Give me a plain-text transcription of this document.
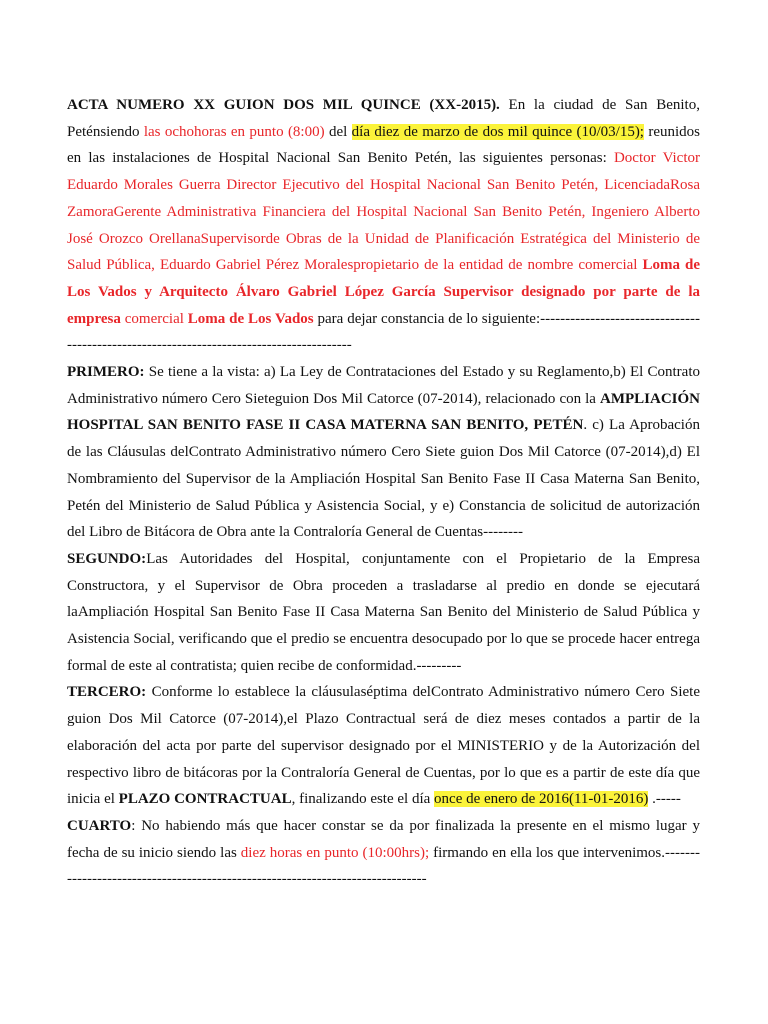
ACTA NUMERO XX GUION DOS MIL QUINCE (XX-2015). En la ciudad de San Benito, Peténsiendo las ochohoras en punto (8:00) del día diez de marzo de dos mil quince (10/03/15); reunidos en las instalaciones de Hospital Nacional San Benito Petén, las siguientes personas: Doctor Victor Eduardo Morales Guerra Director Ejecutivo del Hospital Nacional San Benito Petén, LicenciadaRosa ZamoraGerente Administrativa Financiera del Hospital Nacional San Benito Petén, Ingeniero Alberto José Orozco OrellanaSupervisorde Obras de la Unidad de Planificación Estratégica del Ministerio de Salud Pública, Eduardo Gabriel Pérez Moralespropietario de la entidad de nombre comercial Loma de Los Vados y Arquitecto Álvaro Gabriel López García Supervisor designado por parte de la empresa comercial Loma de Los Vados para dejar constancia de lo siguiente:-----------------------------------------------------------------------------------------

PRIMERO: Se tiene a la vista: a) La Ley de Contrataciones del Estado y su Reglamento,b) El Contrato Administrativo número Cero Sieteguion Dos Mil Catorce (07-2014), relacionado con la AMPLIACIÓN HOSPITAL SAN BENITO FASE II CASA MATERNA SAN BENITO, PETÉN. c) La Aprobación de las Cláusulas delContrato Administrativo número Cero Siete guion Dos Mil Catorce (07-2014),d) El Nombramiento del Supervisor de la Ampliación Hospital San Benito Fase II Casa Materna San Benito, Petén del Ministerio de Salud Pública y Asistencia Social, y e) Constancia de solicitud de autorización del Libro de Bitácora de Obra ante la Contraloría General de Cuentas--------

SEGUNDO:Las Autoridades del Hospital, conjuntamente con el Propietario de la Empresa Constructora, y el Supervisor de Obra proceden a trasladarse al predio en donde se ejecutará laAmpliación Hospital San Benito Fase II Casa Materna San Benito del Ministerio de Salud Pública y Asistencia Social, verificando que el predio se encuentra desocupado por lo que se procede hacer entrega formal de este al contratista; quien recibe de conformidad.---------

TERCERO: Conforme lo establece la cláusulaséptima delContrato Administrativo número Cero Siete guion Dos Mil Catorce (07-2014),el Plazo Contractual será de diez meses contados a partir de la elaboración del acta por parte del supervisor designado por el MINISTERIO y de la Autorización del respectivo libro de bitácoras por la Contraloría General de Cuentas, por lo que es a partir de este día que inicia el PLAZO CONTRACTUAL, finalizando este el día once de enero de 2016(11-01-2016) .-----

CUARTO: No habiendo más que hacer constar se da por finalizada la presente en el mismo lugar y fecha de su inicio siendo las diez horas en punto (10:00hrs); firmando en ella los que intervenimos.-------------------------------------------------------------------------------
